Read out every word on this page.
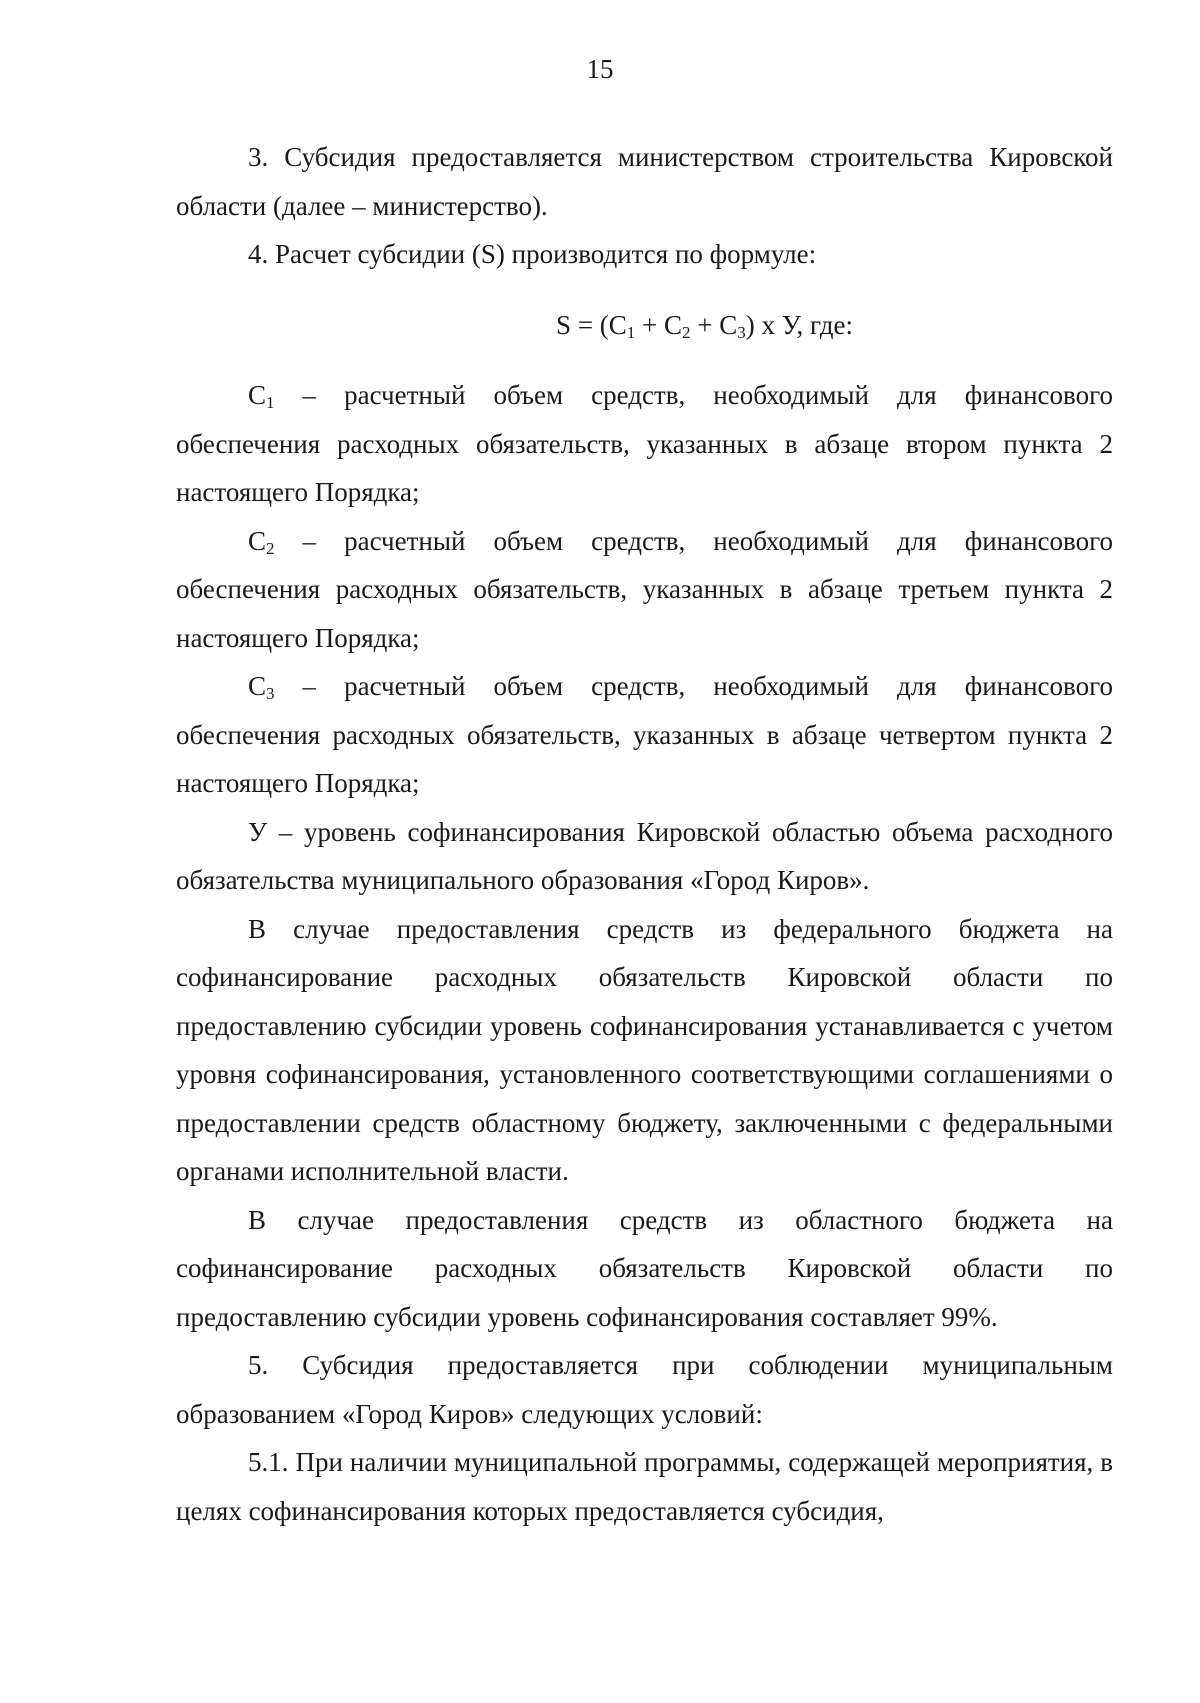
15

3. Субсидия предоставляется министерством строительства Кировской области (далее – министерство).

4. Расчет субсидии (S) производится по формуле:

$S = (C_1 + C_2 + C_3)$ х У, где:

$C_1$ – расчетный объем средств, необходимый для финансового обеспечения расходных обязательств, указанных в абзаце втором пункта 2 настоящего Порядка;

$C_2$ – расчетный объем средств, необходимый для финансового обеспечения расходных обязательств, указанных в абзаце третьем пункта 2 настоящего Порядка;

$C_3$ – расчетный объем средств, необходимый для финансового обеспечения расходных обязательств, указанных в абзаце четвертом пункта 2 настоящего Порядка;

У – уровень софинансирования Кировской областью объема расходного обязательства муниципального образования «Город Киров».

В случае предоставления средств из федерального бюджета на софинансирование расходных обязательств Кировской области по предоставлению субсидии уровень софинансирования устанавливается с учетом уровня софинансирования, установленного соответствующими соглашениями о предоставлении средств областному бюджету, заключенными с федеральными органами исполнительной власти.

В случае предоставления средств из областного бюджета на софинансирование расходных обязательств Кировской области по предоставлению субсидии уровень софинансирования составляет 99%.

5. Субсидия предоставляется при соблюдении муниципальным образованием «Город Киров» следующих условий:

5.1. При наличии муниципальной программы, содержащей мероприятия, в целях софинансирования которых предоставляется субсидия,
